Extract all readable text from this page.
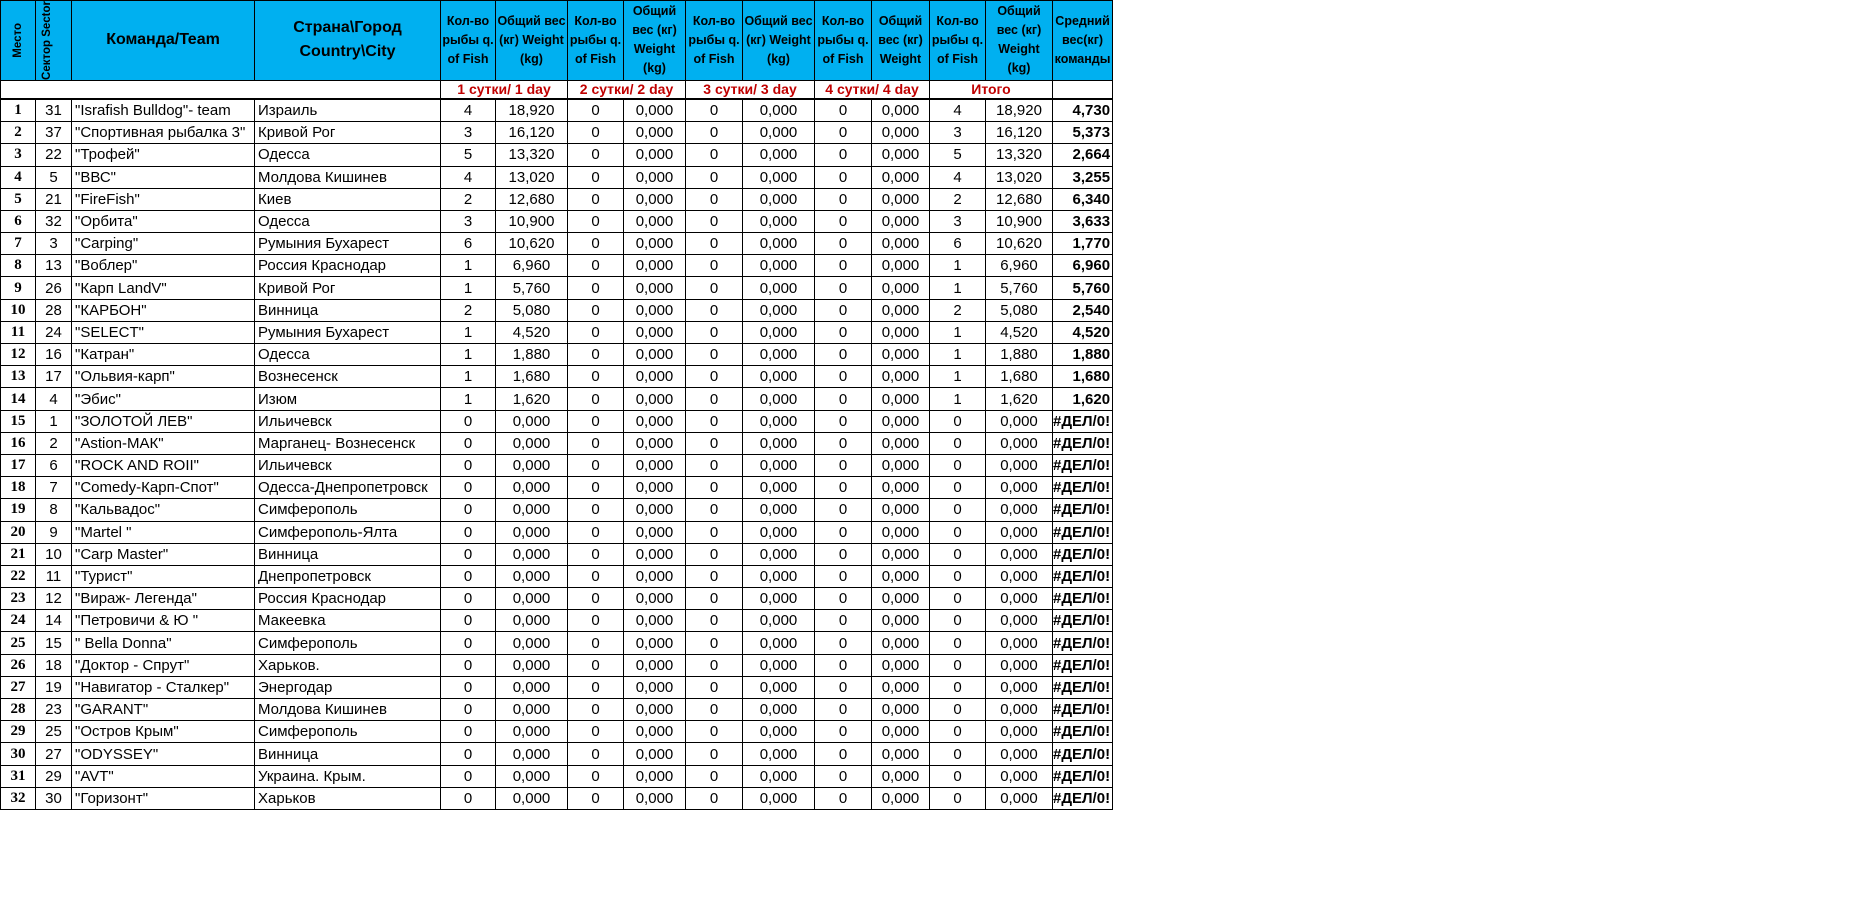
Место	Сектор Sector	Команда/Team	Страна\Город Country\City	Кол-во рыбы q. of Fish	Общий вес (кг) Weight (kg)	Кол-во рыбы q. of Fish	Общий вес (кг) Weight (kg)	Кол-во рыбы q. of Fish	Общий вес (кг) Weight (kg)	Кол-во рыбы q. of Fish	Общий вес (кг) Weight	Кол-во рыбы q. of Fish	Общий вес (кг) Weight (kg)	Средний вес(кг) команды
				1 сутки/ 1 day		2 сутки/ 2 day		3 сутки/ 3 day		4 сутки/ 4 day		Итого		
1	31	"Israfish Bulldog"- team	Израиль	4	18,920	0	0,000	0	0,000	0	0,000	4	18,920	4,730
2	37	"Спортивная рыбалка 3"	Кривой Рог	3	16,120	0	0,000	0	0,000	0	0,000	3	16,120	5,373
3	22	"Трофей"	Одесса	5	13,320	0	0,000	0	0,000	0	0,000	5	13,320	2,664
4	5	"ВВС"	Молдова Кишинев	4	13,020	0	0,000	0	0,000	0	0,000	4	13,020	3,255
5	21	"FireFish"	Киев	2	12,680	0	0,000	0	0,000	0	0,000	2	12,680	6,340
6	32	"Орбита"	Одесса	3	10,900	0	0,000	0	0,000	0	0,000	3	10,900	3,633
7	3	"Carping"	Румыния Бухарест	6	10,620	0	0,000	0	0,000	0	0,000	6	10,620	1,770
8	13	"Воблер"	Россия Краснодар	1	6,960	0	0,000	0	0,000	0	0,000	1	6,960	6,960
9	26	"Карп LandV"	Кривой Рог	1	5,760	0	0,000	0	0,000	0	0,000	1	5,760	5,760
10	28	"КАРБОН"	Винница	2	5,080	0	0,000	0	0,000	0	0,000	2	5,080	2,540
11	24	"SELECT"	Румыния Бухарест	1	4,520	0	0,000	0	0,000	0	0,000	1	4,520	4,520
12	16	"Катран"	Одесса	1	1,880	0	0,000	0	0,000	0	0,000	1	1,880	1,880
13	17	"Ольвия-карп"	Вознесенск	1	1,680	0	0,000	0	0,000	0	0,000	1	1,680	1,680
14	4	"Эбис"	Изюм	1	1,620	0	0,000	0	0,000	0	0,000	1	1,620	1,620
15	1	"ЗОЛОТОЙ ЛЕВ"	Ильичевск	0	0,000	0	0,000	0	0,000	0	0,000	0	0,000	#ДЕЛ/0!
16	2	"Astion-МАК"	Марганец- Вознесенск	0	0,000	0	0,000	0	0,000	0	0,000	0	0,000	#ДЕЛ/0!
17	6	"ROCK AND ROII"	Ильичевск	0	0,000	0	0,000	0	0,000	0	0,000	0	0,000	#ДЕЛ/0!
18	7	"Comedy-Карп-Спот"	Одесса-Днепропетровск	0	0,000	0	0,000	0	0,000	0	0,000	0	0,000	#ДЕЛ/0!
19	8	"Кальвадос"	Симферополь	0	0,000	0	0,000	0	0,000	0	0,000	0	0,000	#ДЕЛ/0!
20	9	"Martel "	Симферополь-Ялта	0	0,000	0	0,000	0	0,000	0	0,000	0	0,000	#ДЕЛ/0!
21	10	"Carp Master"	Винница	0	0,000	0	0,000	0	0,000	0	0,000	0	0,000	#ДЕЛ/0!
22	11	"Турист"	Днепропетровск	0	0,000	0	0,000	0	0,000	0	0,000	0	0,000	#ДЕЛ/0!
23	12	"Вираж- Легенда"	Россия Краснодар	0	0,000	0	0,000	0	0,000	0	0,000	0	0,000	#ДЕЛ/0!
24	14	"Петровичи & Ю "	Макеевка	0	0,000	0	0,000	0	0,000	0	0,000	0	0,000	#ДЕЛ/0!
25	15	" Bella Donna"	Симферополь	0	0,000	0	0,000	0	0,000	0	0,000	0	0,000	#ДЕЛ/0!
26	18	"Доктор - Спрут"	Харьков.	0	0,000	0	0,000	0	0,000	0	0,000	0	0,000	#ДЕЛ/0!
27	19	"Навигатор - Сталкер"	Энергодар	0	0,000	0	0,000	0	0,000	0	0,000	0	0,000	#ДЕЛ/0!
28	23	"GARANT"	Молдова Кишинев	0	0,000	0	0,000	0	0,000	0	0,000	0	0,000	#ДЕЛ/0!
29	25	"Остров Крым"	Симферополь	0	0,000	0	0,000	0	0,000	0	0,000	0	0,000	#ДЕЛ/0!
30	27	"ODYSSEY"	Винница	0	0,000	0	0,000	0	0,000	0	0,000	0	0,000	#ДЕЛ/0!
31	29	"AVT"	Украина. Крым.	0	0,000	0	0,000	0	0,000	0	0,000	0	0,000	#ДЕЛ/0!
32	30	"Горизонт"	Харьков	0	0,000	0	0,000	0	0,000	0	0,000	0	0,000	#ДЕЛ/0!
